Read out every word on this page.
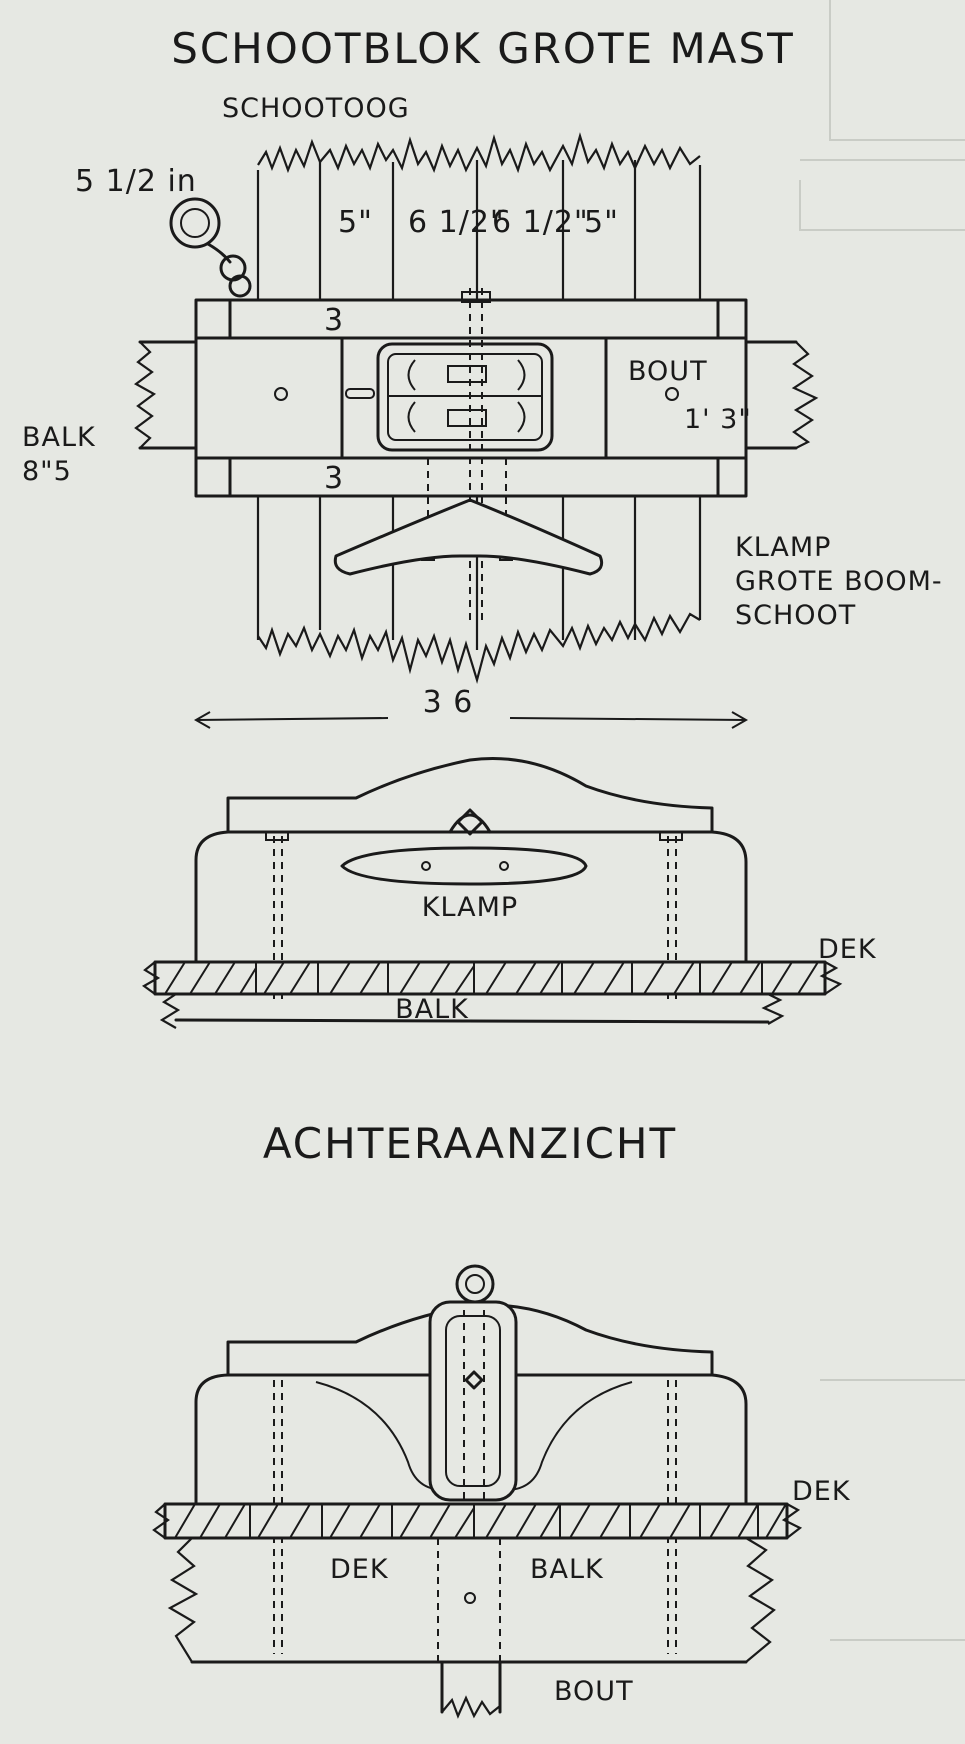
SCHOOTBLOK GROTE MAST
SCHOOTOOG
5 1/2 in
5" 6 1/2"
6 1/2"
5"
3
3
BOUT
1' 3"
BALK
8"5
KLAMP
GROTE BOOM-
SCHOOT
3 6
KLAMP
DEK
BALK
ACHTERAANZICHT
DEK
DEK	BALK
BOUT
